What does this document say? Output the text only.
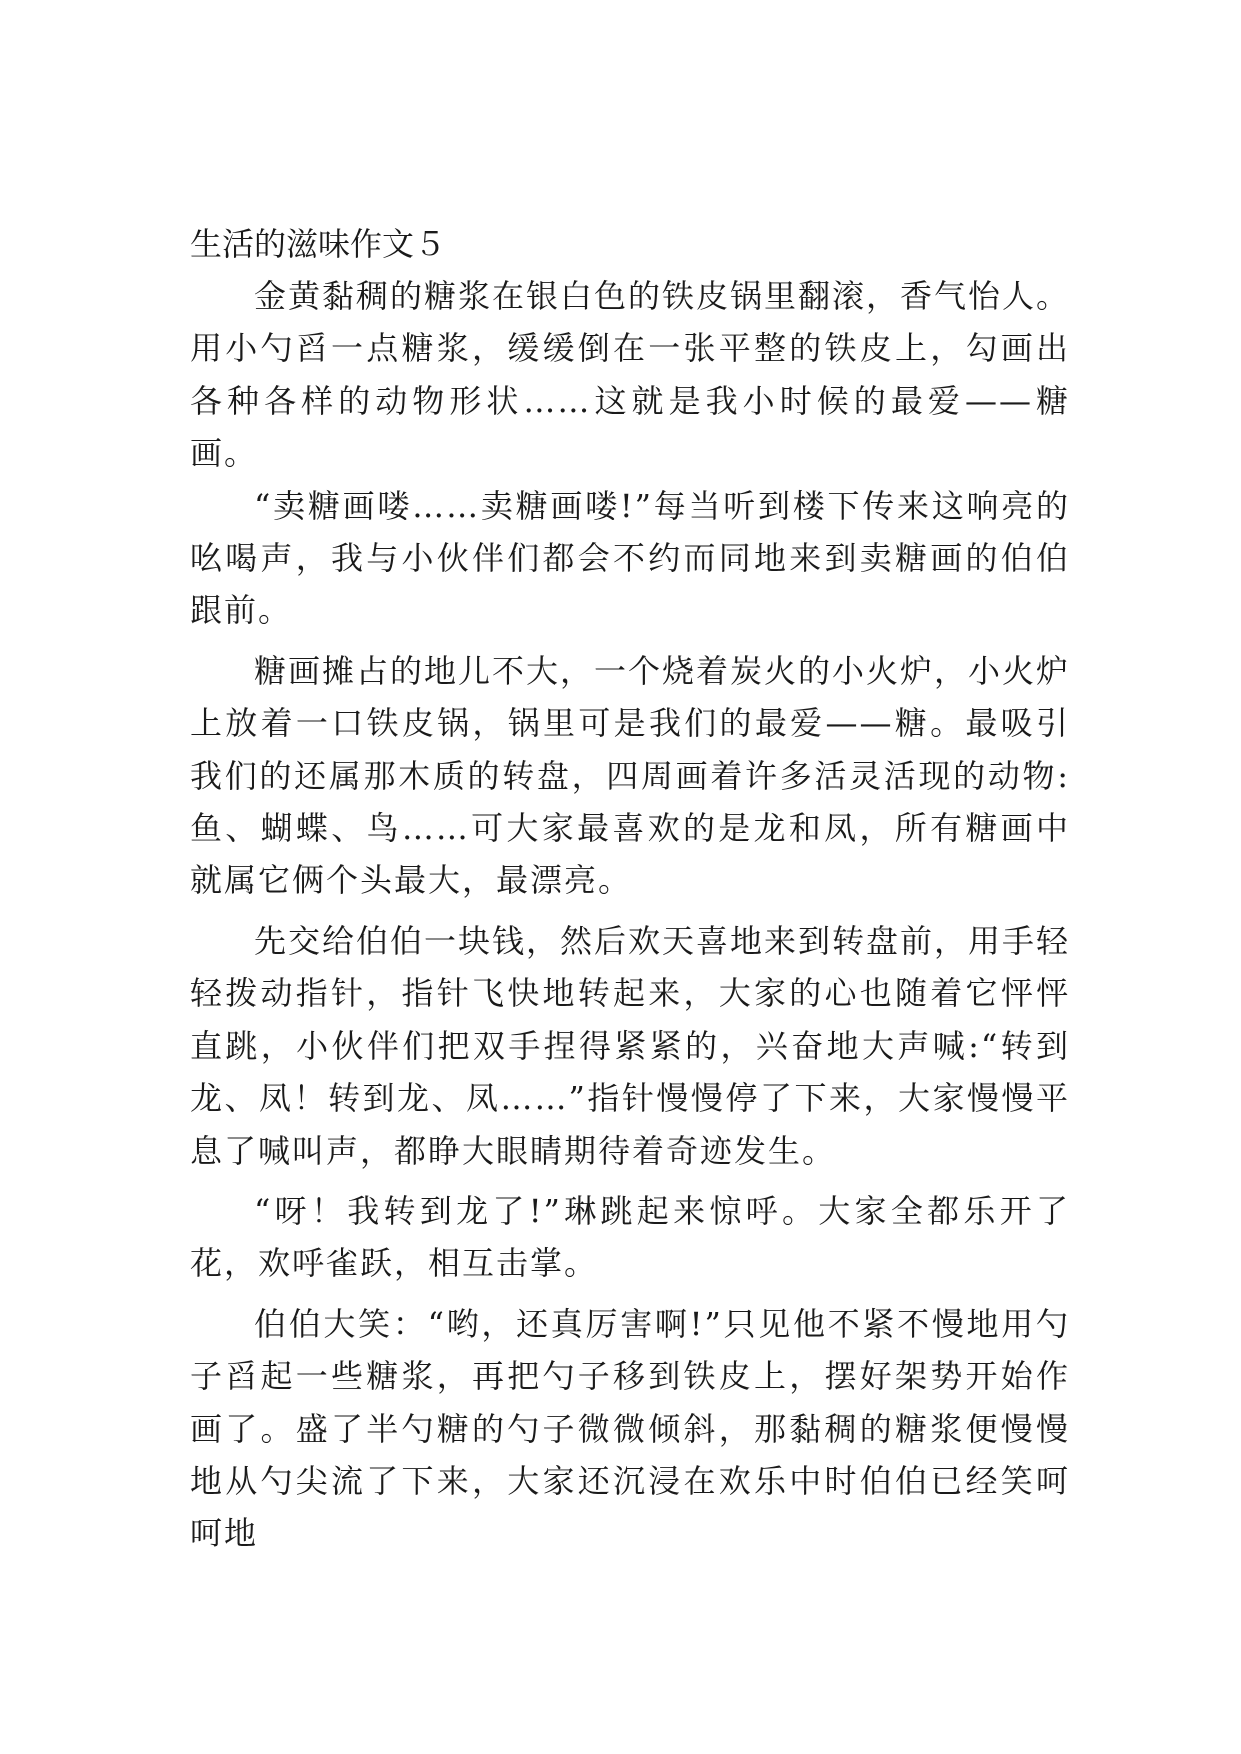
生活的滋味作文５

金黄黏稠的糖浆在银白色的铁皮锅里翻滚，香气怡人。用小勺舀一点糖浆，缓缓倒在一张平整的铁皮上，勾画出各种各样的动物形状……这就是我小时候的最爱——糖画。

“卖糖画喽……卖糖画喽!”每当听到楼下传来这响亮的吆喝声，我与小伙伴们都会不约而同地来到卖糖画的伯伯跟前。

糖画摊占的地儿不大，一个烧着炭火的小火炉，小火炉上放着一口铁皮锅，锅里可是我们的最爱——糖。最吸引我们的还属那木质的转盘，四周画着许多活灵活现的动物:鱼、蝴蝶、鸟……可大家最喜欢的是龙和凤，所有糖画中就属它俩个头最大，最漂亮。

先交给伯伯一块钱，然后欢天喜地来到转盘前，用手轻轻拨动指针，指针飞快地转起来，大家的心也随着它怦怦直跳，小伙伴们把双手捏得紧紧的，兴奋地大声喊:“转到龙、凤！转到龙、凤……”指针慢慢停了下来，大家慢慢平息了喊叫声，都睁大眼睛期待着奇迹发生。

“呀！我转到龙了!”琳跳起来惊呼。大家全都乐开了花，欢呼雀跃，相互击掌。

伯伯大笑：“哟，还真厉害啊!”只见他不紧不慢地用勺子舀起一些糖浆，再把勺子移到铁皮上，摆好架势开始作画了。盛了半勺糖的勺子微微倾斜，那黏稠的糖浆便慢慢地从勺尖流了下来，大家还沉浸在欢乐中时伯伯已经笑呵呵地
